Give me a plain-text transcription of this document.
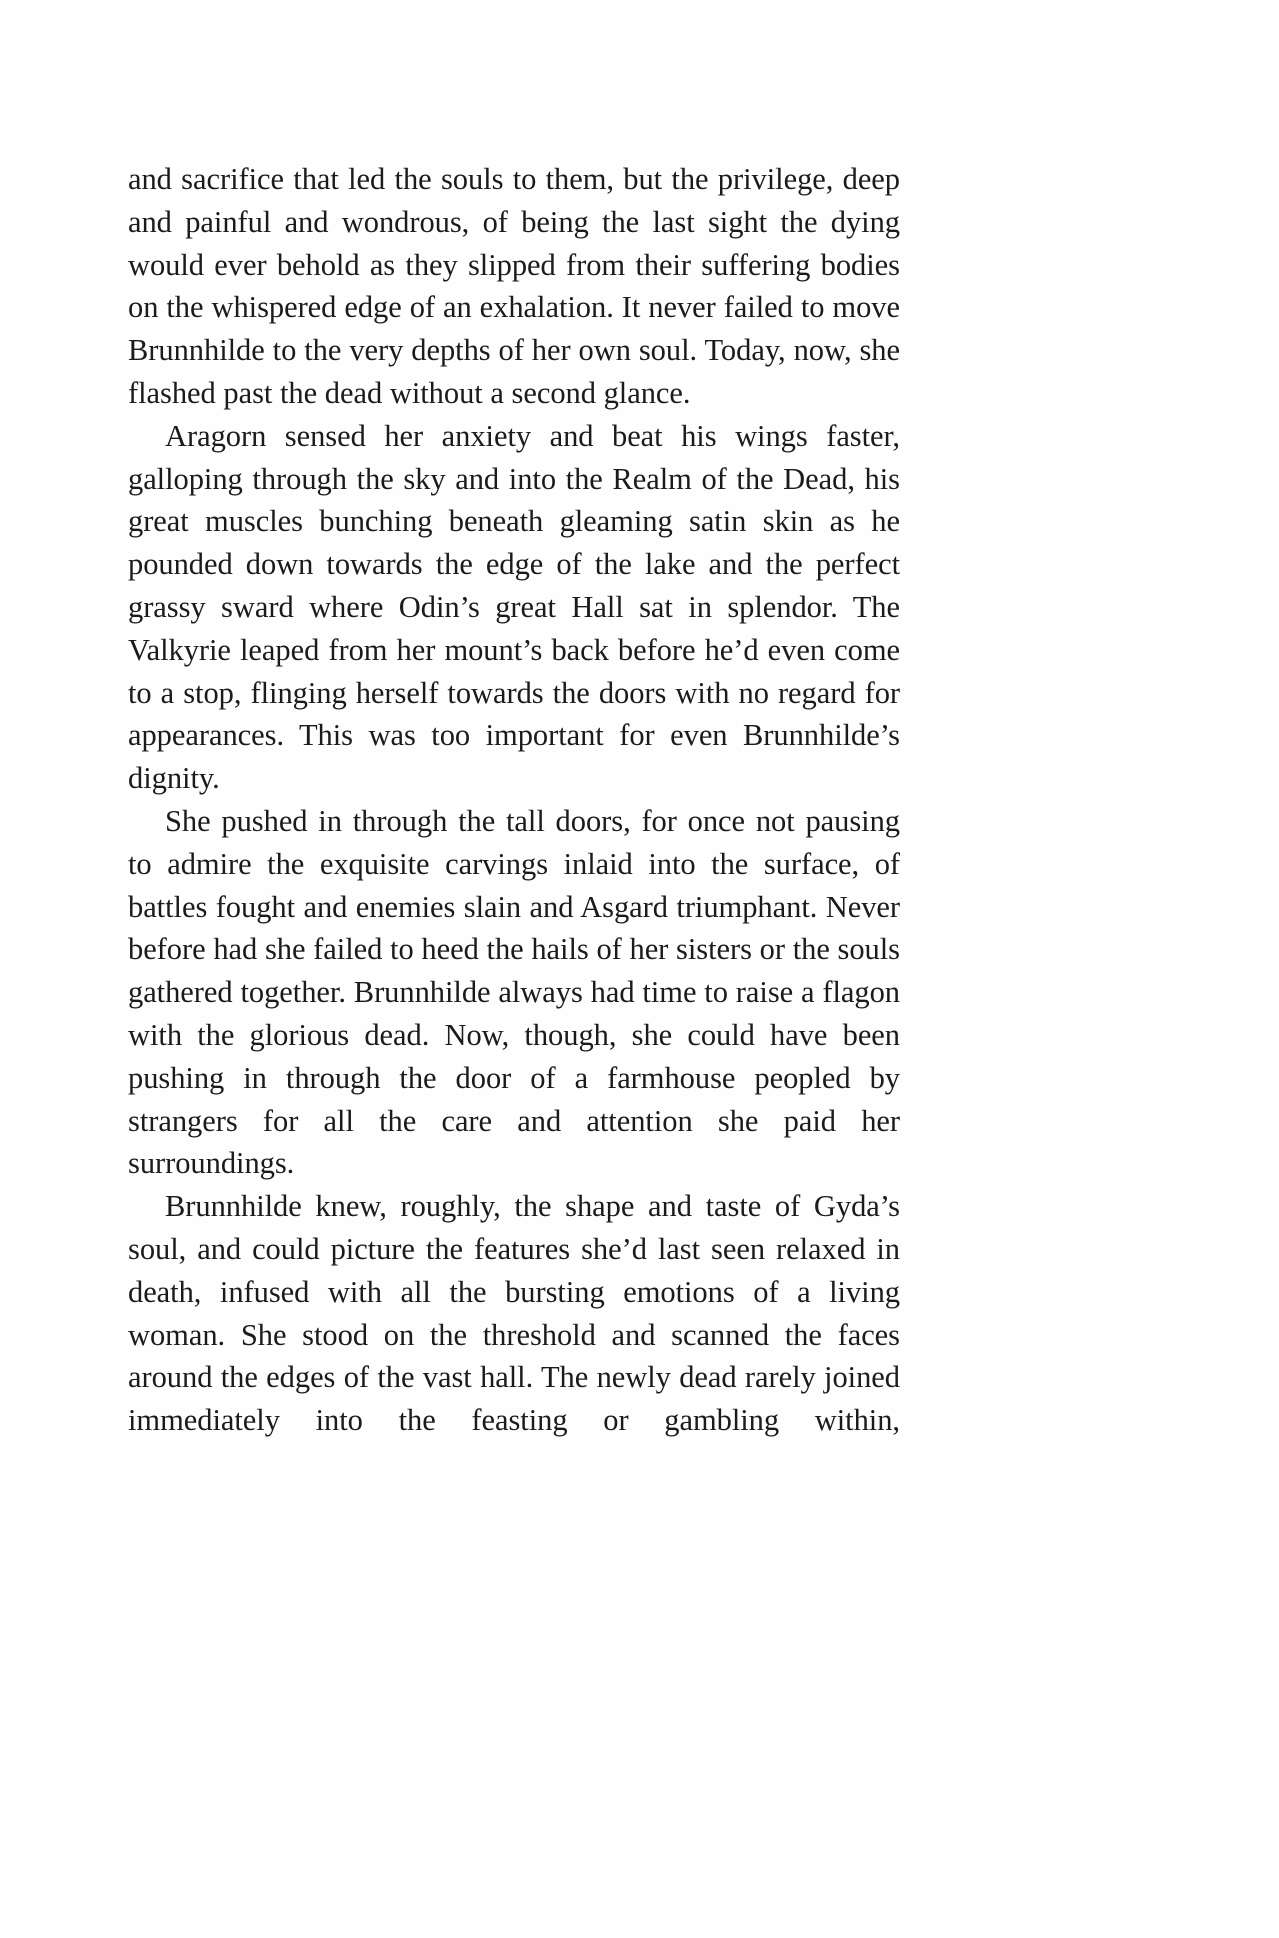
and sacrifice that led the souls to them, but the privilege, deep and painful and wondrous, of being the last sight the dying would ever behold as they slipped from their suffering bodies on the whispered edge of an exhalation. It never failed to move Brunnhilde to the very depths of her own soul. Today, now, she flashed past the dead without a second glance.

Aragorn sensed her anxiety and beat his wings faster, galloping through the sky and into the Realm of the Dead, his great muscles bunching beneath gleaming satin skin as he pounded down towards the edge of the lake and the perfect grassy sward where Odin’s great Hall sat in splendor. The Valkyrie leaped from her mount’s back before he’d even come to a stop, flinging herself towards the doors with no regard for appearances. This was too important for even Brunnhilde’s dignity.

She pushed in through the tall doors, for once not pausing to admire the exquisite carvings inlaid into the surface, of battles fought and enemies slain and Asgard triumphant. Never before had she failed to heed the hails of her sisters or the souls gathered together. Brunnhilde always had time to raise a flagon with the glorious dead. Now, though, she could have been pushing in through the door of a farmhouse peopled by strangers for all the care and attention she paid her surroundings.

Brunnhilde knew, roughly, the shape and taste of Gyda’s soul, and could picture the features she’d last seen relaxed in death, infused with all the bursting emotions of a living woman. She stood on the threshold and scanned the faces around the edges of the vast hall. The newly dead rarely joined immediately into the feasting or gambling within,
